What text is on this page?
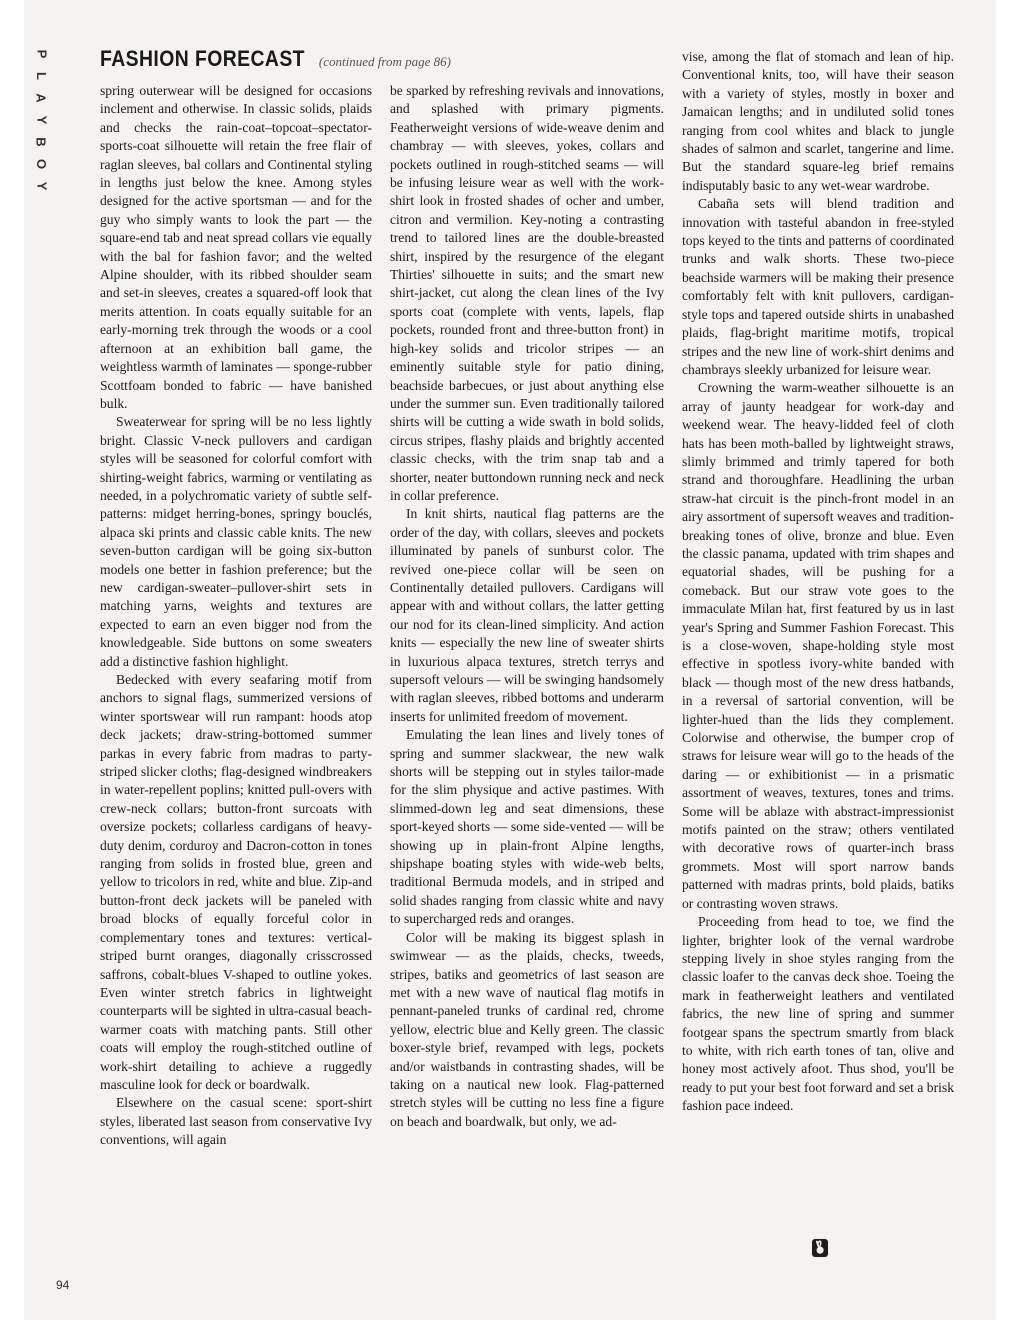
P
L
A
Y
B
O
Y
FASHION FORECAST (continued from page 86)

spring outerwear will be designed for occasions inclement and otherwise. In classic solids, plaids and checks the rain-coat–topcoat–spectator-sports-coat silhouette will retain the free flair of raglan sleeves, bal collars and Continental styling in lengths just below the knee. Among styles designed for the active sportsman — and for the guy who simply wants to look the part — the square-end tab and neat spread collars vie equally with the bal for fashion favor; and the welted Alpine shoulder, with its ribbed shoulder seam and set-in sleeves, creates a squared-off look that merits attention. In coats equally suitable for an early-morning trek through the woods or a cool afternoon at an exhibition ball game, the weightless warmth of laminates — sponge-rubber Scottfoam bonded to fabric — have banished bulk.

Sweaterwear for spring will be no less lightly bright. Classic V-neck pullovers and cardigan styles will be seasoned for colorful comfort with shirting-weight fabrics, warming or ventilating as needed, in a polychromatic variety of subtle self-patterns: midget herring-bones, springy bouclés, alpaca ski prints and classic cable knits. The new seven-button cardigan will be going six-button models one better in fashion preference; but the new cardigan-sweater–pullover-shirt sets in matching yarns, weights and textures are expected to earn an even bigger nod from the knowledgeable. Side buttons on some sweaters add a distinctive fashion highlight.

Bedecked with every seafaring motif from anchors to signal flags, summerized versions of winter sportswear will run rampant: hoods atop deck jackets; draw-string-bottomed summer parkas in every fabric from madras to party-striped slicker cloths; flag-designed windbreakers in water-repellent poplins; knitted pull-overs with crew-neck collars; button-front surcoats with oversize pockets; collarless cardigans of heavy-duty denim, corduroy and Dacron-cotton in tones ranging from solids in frosted blue, green and yellow to tricolors in red, white and blue. Zip-and button-front deck jackets will be paneled with broad blocks of equally forceful color in complementary tones and textures: vertical-striped burnt oranges, diagonally crisscrossed saffrons, cobalt-blues V-shaped to outline yokes. Even winter stretch fabrics in lightweight counterparts will be sighted in ultra-casual beach-warmer coats with matching pants. Still other coats will employ the rough-stitched outline of work-shirt detailing to achieve a ruggedly masculine look for deck or boardwalk.

Elsewhere on the casual scene: sport-shirt styles, liberated last season from conservative Ivy conventions, will again

be sparked by refreshing revivals and innovations, and splashed with primary pigments. Featherweight versions of wide-weave denim and chambray — with sleeves, yokes, collars and pockets outlined in rough-stitched seams — will be infusing leisure wear as well with the work-shirt look in frosted shades of ocher and umber, citron and vermilion. Key-noting a contrasting trend to tailored lines are the double-breasted shirt, inspired by the resurgence of the elegant Thirties' silhouette in suits; and the smart new shirt-jacket, cut along the clean lines of the Ivy sports coat (complete with vents, lapels, flap pockets, rounded front and three-button front) in high-key solids and tricolor stripes — an eminently suitable style for patio dining, beachside barbecues, or just about anything else under the summer sun. Even traditionally tailored shirts will be cutting a wide swath in bold solids, circus stripes, flashy plaids and brightly accented classic checks, with the trim snap tab and a shorter, neater buttondown running neck and neck in collar preference.

In knit shirts, nautical flag patterns are the order of the day, with collars, sleeves and pockets illuminated by panels of sunburst color. The revived one-piece collar will be seen on Continentally detailed pullovers. Cardigans will appear with and without collars, the latter getting our nod for its clean-lined simplicity. And action knits — especially the new line of sweater shirts in luxurious alpaca textures, stretch terrys and supersoft velours — will be swinging handsomely with raglan sleeves, ribbed bottoms and underarm inserts for unlimited freedom of movement.

Emulating the lean lines and lively tones of spring and summer slackwear, the new walk shorts will be stepping out in styles tailor-made for the slim physique and active pastimes. With slimmed-down leg and seat dimensions, these sport-keyed shorts — some side-vented — will be showing up in plain-front Alpine lengths, shipshape boating styles with wide-web belts, traditional Bermuda models, and in striped and solid shades ranging from classic white and navy to supercharged reds and oranges.

Color will be making its biggest splash in swimwear — as the plaids, checks, tweeds, stripes, batiks and geometrics of last season are met with a new wave of nautical flag motifs in pennant-paneled trunks of cardinal red, chrome yellow, electric blue and Kelly green. The classic boxer-style brief, revamped with legs, pockets and/or waistbands in contrasting shades, will be taking on a nautical new look. Flag-patterned stretch styles will be cutting no less fine a figure on beach and boardwalk, but only, we ad-

vise, among the flat of stomach and lean of hip. Conventional knits, too, will have their season with a variety of styles, mostly in boxer and Jamaican lengths; and in undiluted solid tones ranging from cool whites and black to jungle shades of salmon and scarlet, tangerine and lime. But the standard square-leg brief remains indisputably basic to any wet-wear wardrobe.

Cabaña sets will blend tradition and innovation with tasteful abandon in free-styled tops keyed to the tints and patterns of coordinated trunks and walk shorts. These two-piece beachside warmers will be making their presence comfortably felt with knit pullovers, cardigan-style tops and tapered outside shirts in unabashed plaids, flag-bright maritime motifs, tropical stripes and the new line of work-shirt denims and chambrays sleekly urbanized for leisure wear.

Crowning the warm-weather silhouette is an array of jaunty headgear for work-day and weekend wear. The heavy-lidded feel of cloth hats has been moth-balled by lightweight straws, slimly brimmed and trimly tapered for both strand and thoroughfare. Headlining the urban straw-hat circuit is the pinch-front model in an airy assortment of supersoft weaves and tradition-breaking tones of olive, bronze and blue. Even the classic panama, updated with trim shapes and equatorial shades, will be pushing for a comeback. But our straw vote goes to the immaculate Milan hat, first featured by us in last year's Spring and Summer Fashion Forecast. This is a close-woven, shape-holding style most effective in spotless ivory-white banded with black — though most of the new dress hatbands, in a reversal of sartorial convention, will be lighter-hued than the lids they complement. Colorwise and otherwise, the bumper crop of straws for leisure wear will go to the heads of the daring — or exhibitionist — in a prismatic assortment of weaves, textures, tones and trims. Some will be ablaze with abstract-impressionist motifs painted on the straw; others ventilated with decorative rows of quarter-inch brass grommets. Most will sport narrow bands patterned with madras prints, bold plaids, batiks or contrasting woven straws.

Proceeding from head to toe, we find the lighter, brighter look of the vernal wardrobe stepping lively in shoe styles ranging from the classic loafer to the canvas deck shoe. Toeing the mark in featherweight leathers and ventilated fabrics, the new line of spring and summer footgear spans the spectrum smartly from black to white, with rich earth tones of tan, olive and honey most actively afoot. Thus shod, you'll be ready to put your best foot forward and set a brisk fashion pace indeed.

94
